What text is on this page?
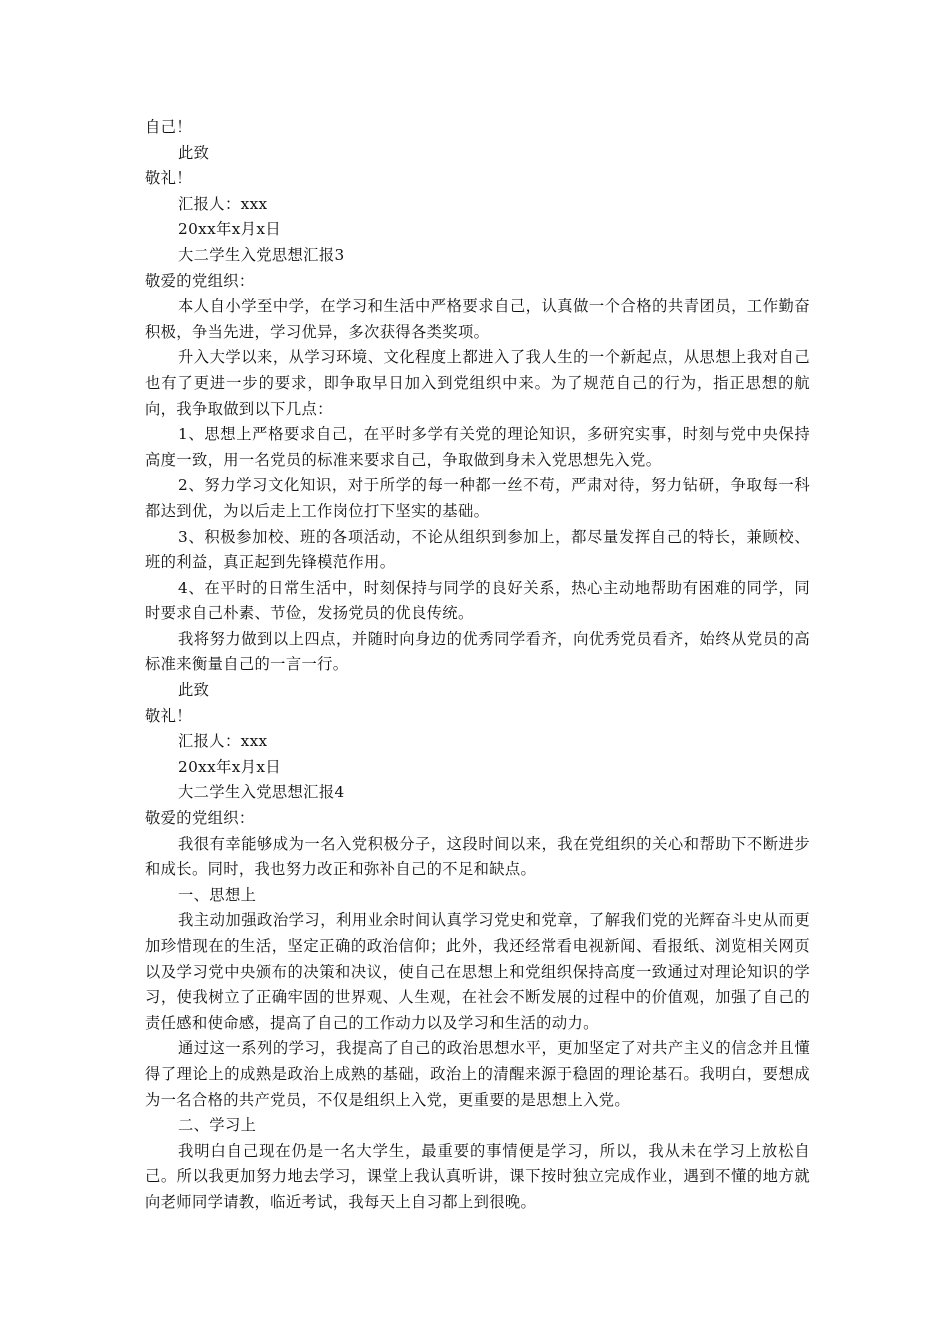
自己！

此致

敬礼！

汇报人：xxx

20xx年x月x日

大二学生入党思想汇报3

敬爱的党组织：

本人自小学至中学，在学习和生活中严格要求自己，认真做一个合格的共青团员，工作勤奋积极，争当先进，学习优异，多次获得各类奖项。

升入大学以来，从学习环境、文化程度上都进入了我人生的一个新起点，从思想上我对自己也有了更进一步的要求，即争取早日加入到党组织中来。为了规范自己的行为，指正思想的航向，我争取做到以下几点：

1、思想上严格要求自己，在平时多学有关党的理论知识，多研究实事，时刻与党中央保持高度一致，用一名党员的标准来要求自己，争取做到身未入党思想先入党。

2、努力学习文化知识，对于所学的每一种都一丝不苟，严肃对待，努力钻研，争取每一科都达到优，为以后走上工作岗位打下坚实的基础。

3、积极参加校、班的各项活动，不论从组织到参加上，都尽量发挥自己的特长，兼顾校、班的利益，真正起到先锋模范作用。

4、在平时的日常生活中，时刻保持与同学的良好关系，热心主动地帮助有困难的同学，同时要求自己朴素、节俭，发扬党员的优良传统。

我将努力做到以上四点，并随时向身边的优秀同学看齐，向优秀党员看齐，始终从党员的高标准来衡量自己的一言一行。

此致

敬礼！

汇报人：xxx

20xx年x月x日

大二学生入党思想汇报4

敬爱的党组织：

我很有幸能够成为一名入党积极分子，这段时间以来，我在党组织的关心和帮助下不断进步和成长。同时，我也努力改正和弥补自己的不足和缺点。

一、思想上

我主动加强政治学习，利用业余时间认真学习党史和党章，了解我们党的光辉奋斗史从而更加珍惜现在的生活，坚定正确的政治信仰；此外，我还经常看电视新闻、看报纸、浏览相关网页以及学习党中央颁布的决策和决议，使自己在思想上和党组织保持高度一致通过对理论知识的学习，使我树立了正确牢固的世界观、人生观，在社会不断发展的过程中的价值观，加强了自己的责任感和使命感，提高了自己的工作动力以及学习和生活的动力。

通过这一系列的学习，我提高了自己的政治思想水平，更加坚定了对共产主义的信念并且懂得了理论上的成熟是政治上成熟的基础，政治上的清醒来源于稳固的理论基石。我明白，要想成为一名合格的共产党员，不仅是组织上入党，更重要的是思想上入党。

二、学习上

我明白自己现在仍是一名大学生，最重要的事情便是学习，所以，我从未在学习上放松自己。所以我更加努力地去学习，课堂上我认真听讲，课下按时独立完成作业，遇到不懂的地方就向老师同学请教，临近考试，我每天上自习都上到很晚。
